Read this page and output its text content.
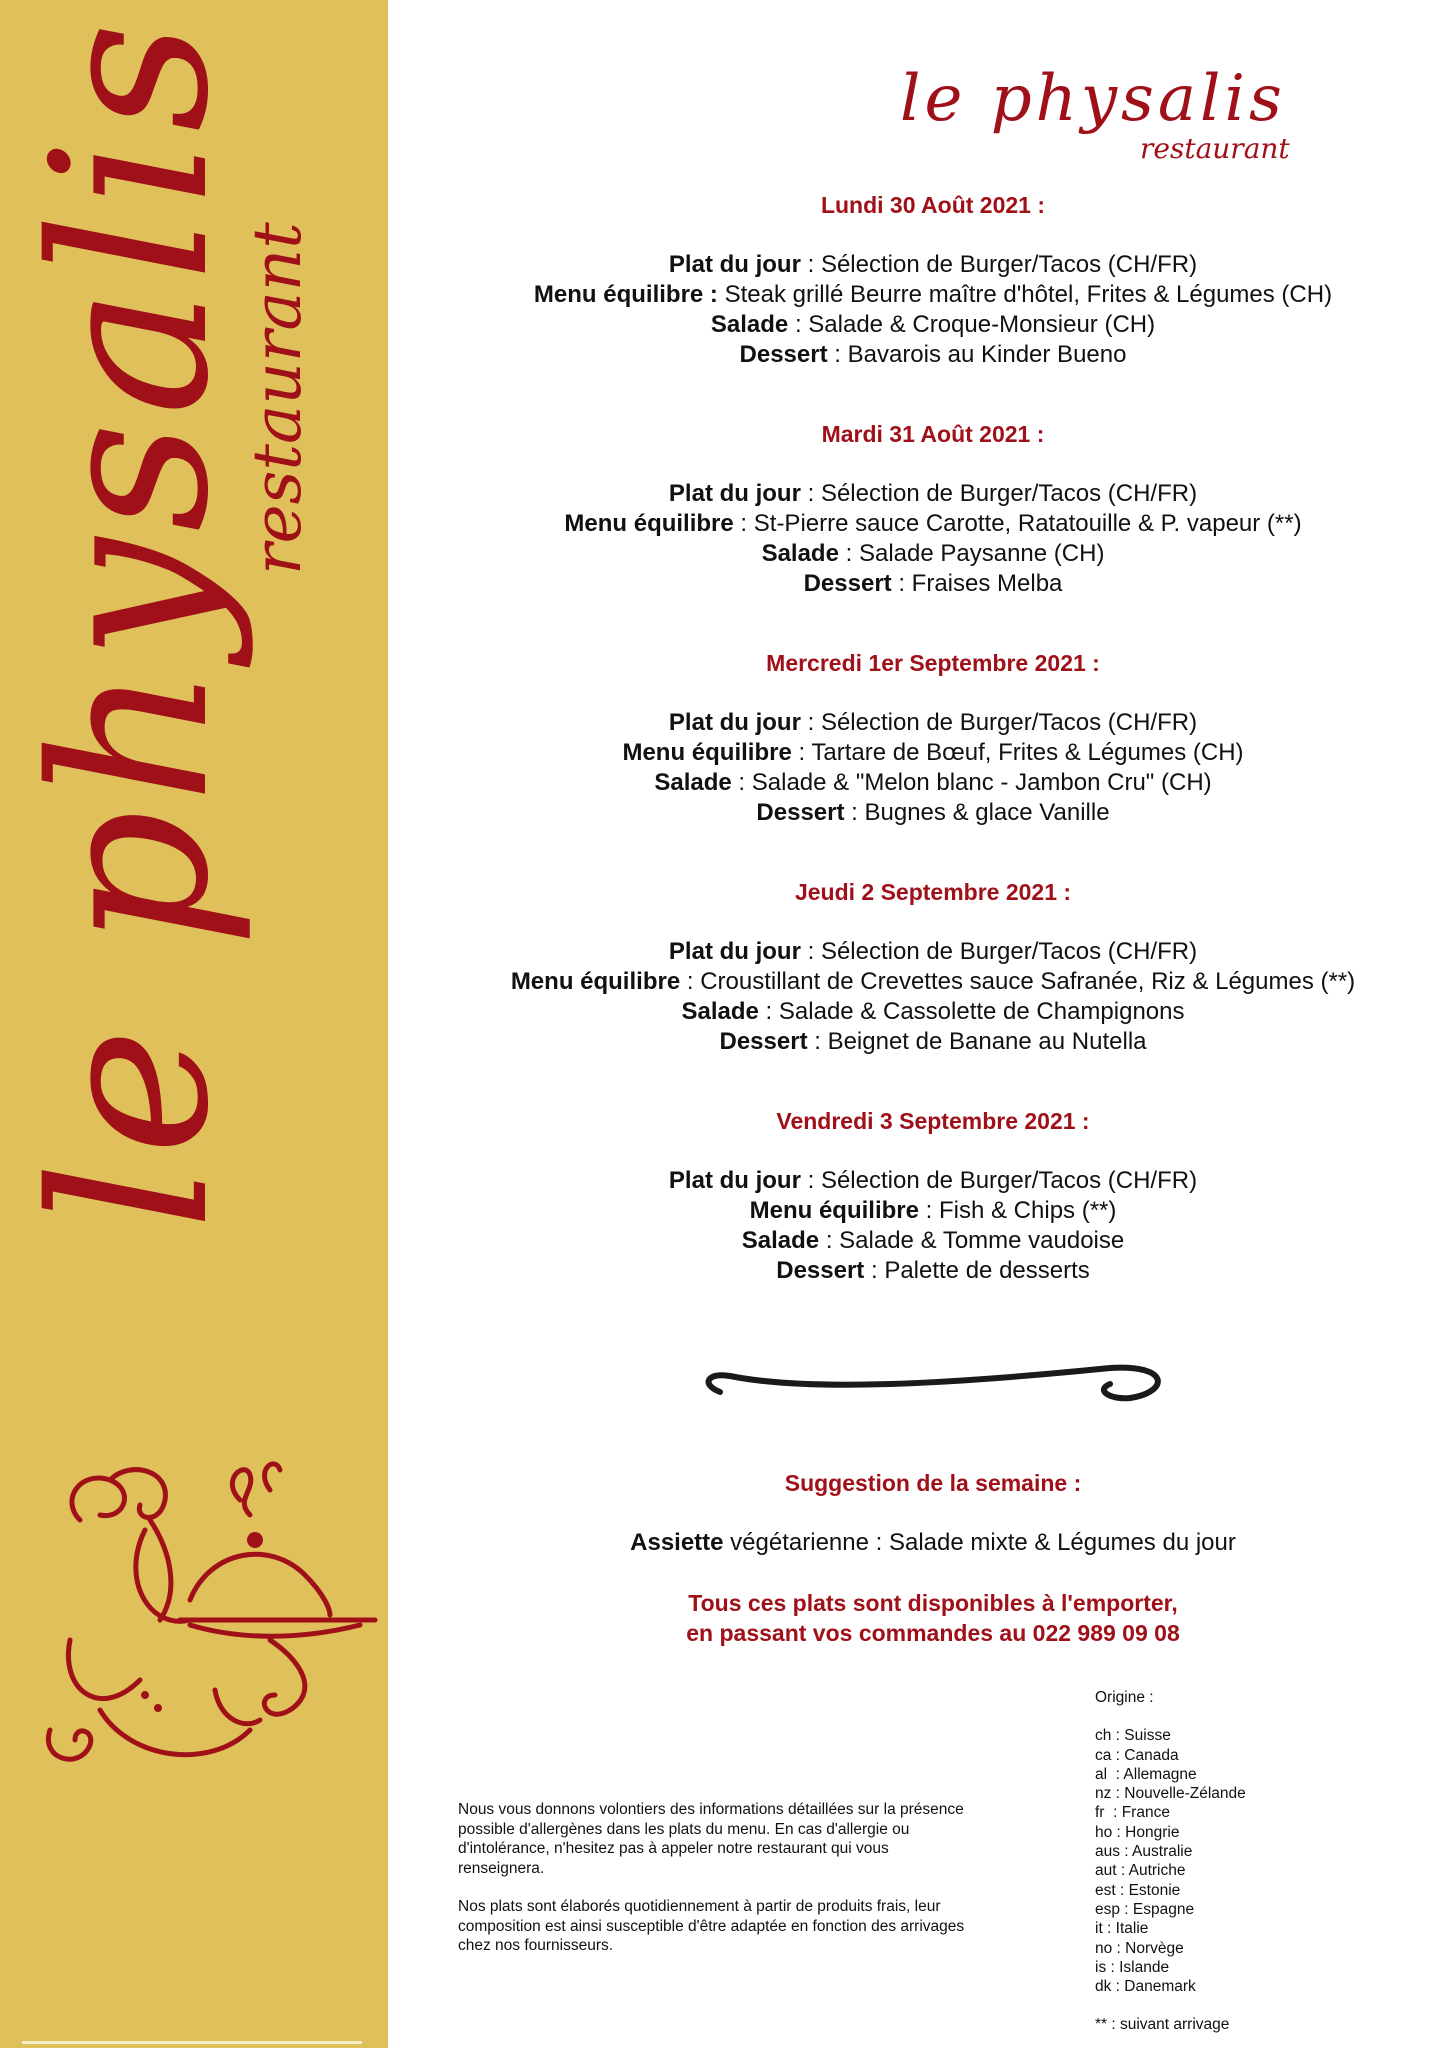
le physalis
restaurant
le physalis
restaurant
Lundi 30 Août 2021 :
Plat du jour : Sélection de Burger/Tacos (CH/FR)
Menu équilibre : Steak grillé Beurre maître d'hôtel, Frites & Légumes (CH)
Salade : Salade & Croque-Monsieur (CH)
Dessert : Bavarois au Kinder Bueno
Mardi 31 Août 2021 :
Plat du jour : Sélection de Burger/Tacos (CH/FR)
Menu équilibre : St-Pierre sauce Carotte, Ratatouille & P. vapeur (**)
Salade : Salade Paysanne (CH)
Dessert : Fraises Melba
Mercredi 1er Septembre 2021 :
Plat du jour : Sélection de Burger/Tacos (CH/FR)
Menu équilibre : Tartare de Bœuf, Frites & Légumes (CH)
Salade : Salade & "Melon blanc - Jambon Cru" (CH)
Dessert : Bugnes & glace Vanille
Jeudi 2 Septembre 2021 :
Plat du jour : Sélection de Burger/Tacos (CH/FR)
Menu équilibre : Croustillant de Crevettes sauce Safranée, Riz & Légumes (**)
Salade : Salade & Cassolette de Champignons
Dessert : Beignet de Banane au Nutella
Vendredi 3 Septembre 2021 :
Plat du jour : Sélection de Burger/Tacos (CH/FR)
Menu équilibre : Fish & Chips (**)
Salade : Salade & Tomme vaudoise
Dessert : Palette de desserts
Suggestion de la semaine :
Assiette végétarienne : Salade mixte & Légumes du jour
Tous ces plats sont disponibles à l'emporter,
en passant vos commandes au 022 989 09 08

Nous vous donnons volontiers des informations détaillées sur la présence possible d'allergènes dans les plats du menu. En cas d'allergie ou d'intolérance, n'hesitez pas à appeler notre restaurant qui vous renseignera.

Nos plats sont élaborés quotidiennement à partir de produits frais, leur composition est ainsi susceptible d'être adaptée en fonction des arrivages chez nos fournisseurs.

Origine :
ch : Suisse
ca : Canada
al  : Allemagne
nz : Nouvelle-Zélande
fr  : France
ho : Hongrie
aus : Australie
aut : Autriche
est : Estonie
esp : Espagne
it : Italie
no : Norvège
is : Islande
dk : Danemark
** : suivant arrivage
